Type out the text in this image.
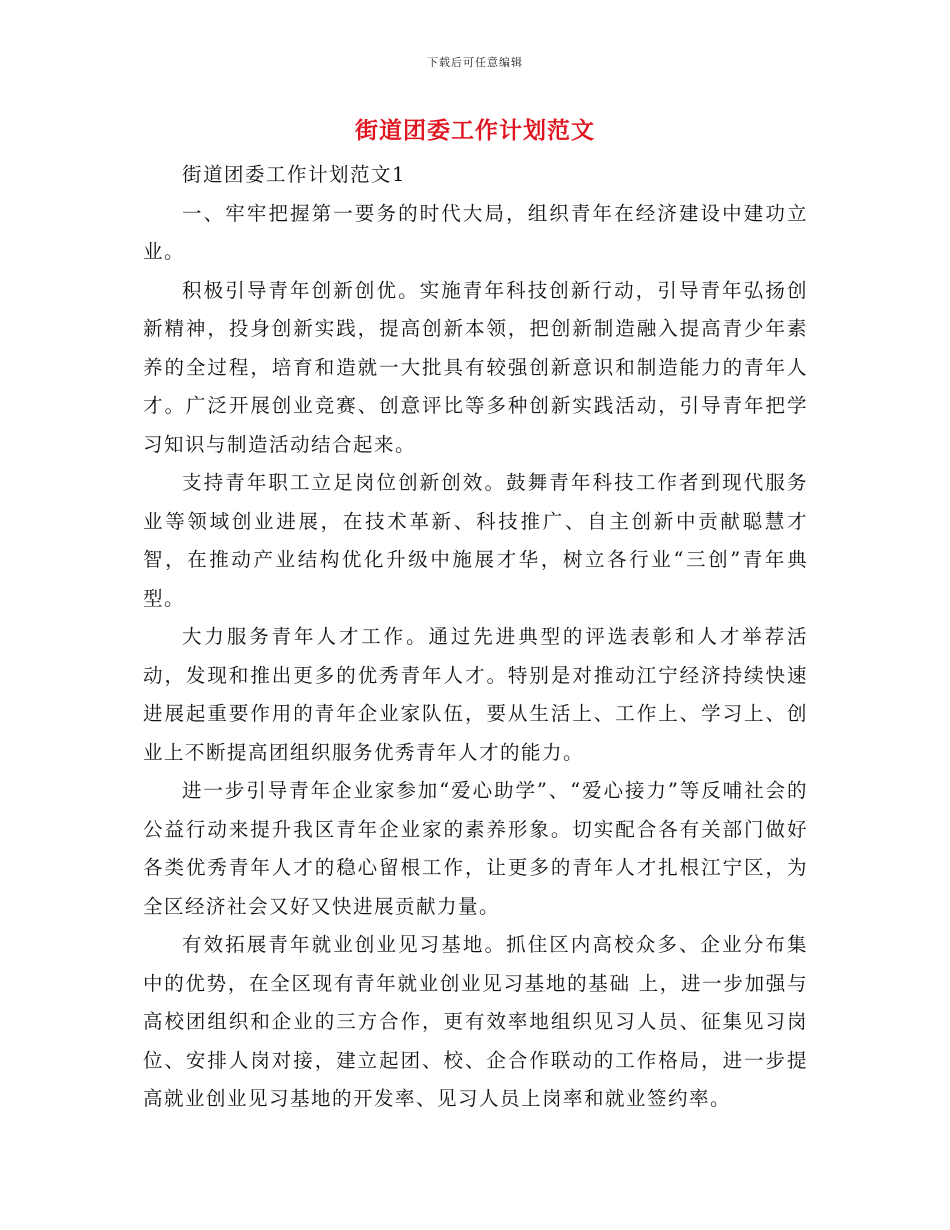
下载后可任意编辑
街道团委工作计划范文

街道团委工作计划范文1

一、牢牢把握第一要务的时代大局，组织青年在经济建设中建功立业。

积极引导青年创新创优。实施青年科技创新行动，引导青年弘扬创新精神，投身创新实践，提高创新本领，把创新制造融入提高青少年素养的全过程，培育和造就一大批具有较强创新意识和制造能力的青年人才。广泛开展创业竞赛、创意评比等多种创新实践活动，引导青年把学习知识与制造活动结合起来。

支持青年职工立足岗位创新创效。鼓舞青年科技工作者到现代服务业等领域创业进展，在技术革新、科技推广、自主创新中贡献聪慧才智，在推动产业结构优化升级中施展才华，树立各行业“三创”青年典型。

大力服务青年人才工作。通过先进典型的评选表彰和人才举荐活动，发现和推出更多的优秀青年人才。特别是对推动江宁经济持续快速进展起重要作用的青年企业家队伍，要从生活上、工作上、学习上、创业上不断提高团组织服务优秀青年人才的能力。

进一步引导青年企业家参加“爱心助学”、“爱心接力”等反哺社会的公益行动来提升我区青年企业家的素养形象。切实配合各有关部门做好各类优秀青年人才的稳心留根工作，让更多的青年人才扎根江宁区，为全区经济社会又好又快进展贡献力量。

有效拓展青年就业创业见习基地。抓住区内高校众多、企业分布集中的优势，在全区现有青年就业创业见习基地的基础 上，进一步加强与高校团组织和企业的三方合作，更有效率地组织见习人员、征集见习岗位、安排人岗对接，建立起团、校、企合作联动的工作格局，进一步提高就业创业见习基地的开发率、见习人员上岗率和就业签约率。
